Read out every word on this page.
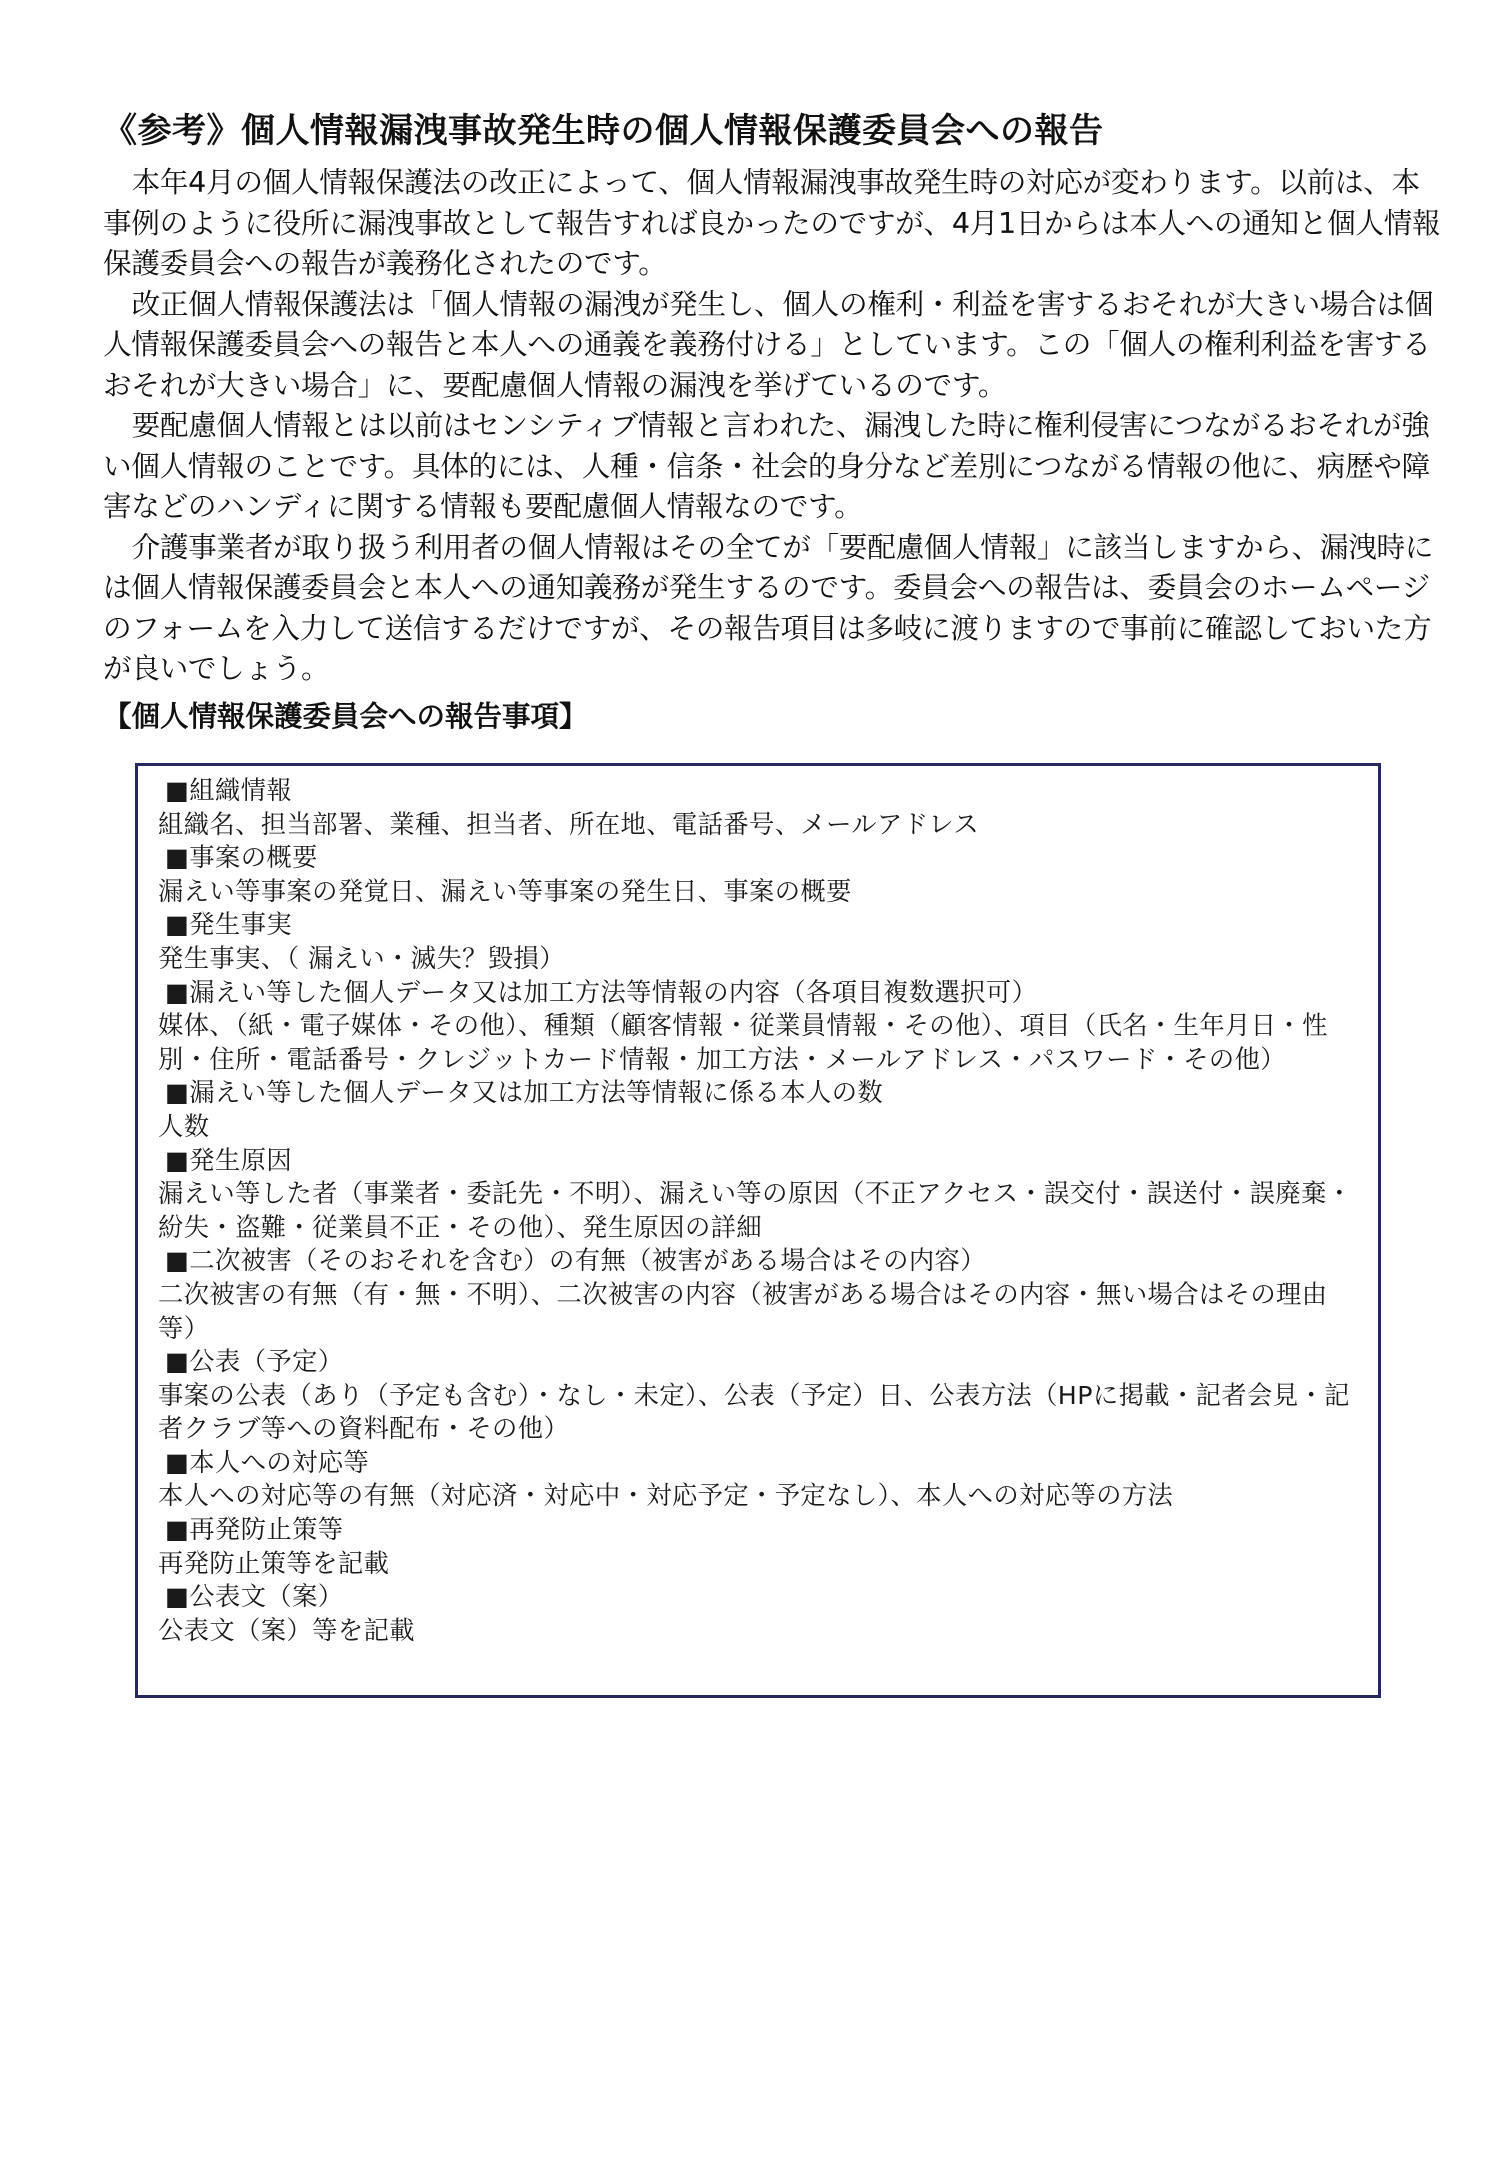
《参考》個人情報漏洩事故発生時の個人情報保護委員会への報告

本年4月の個人情報保護法の改正によって、個人情報漏洩事故発生時の対応が変わります。以前は、本事例のように役所に漏洩事故として報告すれば良かったのですが、4月1日からは本人への通知と個人情報保護委員会への報告が義務化されたのです。

改正個人情報保護法は「個人情報の漏洩が発生し、個人の権利・利益を害するおそれが大きい場合は個人情報保護委員会への報告と本人への通義を義務付ける」としています。この「個人の権利利益を害するおそれが大きい場合」に、要配慮個人情報の漏洩を挙げているのです。

要配慮個人情報とは以前はセンシティブ情報と言われた、漏洩した時に権利侵害につながるおそれが強い個人情報のことです。具体的には、人種・信条・社会的身分など差別につながる情報の他に、病歴や障害などのハンディに関する情報も要配慮個人情報なのです。

介護事業者が取り扱う利用者の個人情報はその全てが「要配慮個人情報」に該当しますから、漏洩時には個人情報保護委員会と本人への通知義務が発生するのです。委員会への報告は、委員会のホームページのフォームを入力して送信するだけですが、その報告項目は多岐に渡りますので事前に確認しておいた方が良いでしょう。

【個人情報保護委員会への報告事項】

■組織情報

組織名、担当部署、業種、担当者、所在地、電話番号、メールアドレス

■事案の概要

漏えい等事案の発覚日、漏えい等事案の発生日、事案の概要

■発生事実

発生事実、（ 漏えい・滅失？毀損）

■漏えい等した個人データ又は加工方法等情報の内容（各項目複数選択可）

媒体、（紙・電子媒体・その他）、種類（顧客情報・従業員情報・その他）、項目（氏名・生年月日・性別・住所・電話番号・クレジットカード情報・加工方法・メールアドレス・パスワード・その他）

■漏えい等した個人データ又は加工方法等情報に係る本人の数

人数

■発生原因

漏えい等した者（事業者・委託先・不明）、漏えい等の原因（不正アクセス・誤交付・誤送付・誤廃棄・紛失・盗難・従業員不正・その他）、発生原因の詳細

■二次被害（そのおそれを含む）の有無（被害がある場合はその内容）

二次被害の有無（有・無・不明）、二次被害の内容（被害がある場合はその内容・無い場合はその理由等）

■公表（予定）

事案の公表（あり（予定も含む）・なし・未定）、公表（予定）日、公表方法（HPに掲載・記者会見・記者クラブ等への資料配布・その他）

■本人への対応等

本人への対応等の有無（対応済・対応中・対応予定・予定なし）、本人への対応等の方法

■再発防止策等

再発防止策等を記載

■公表文（案）

公表文（案）等を記載
